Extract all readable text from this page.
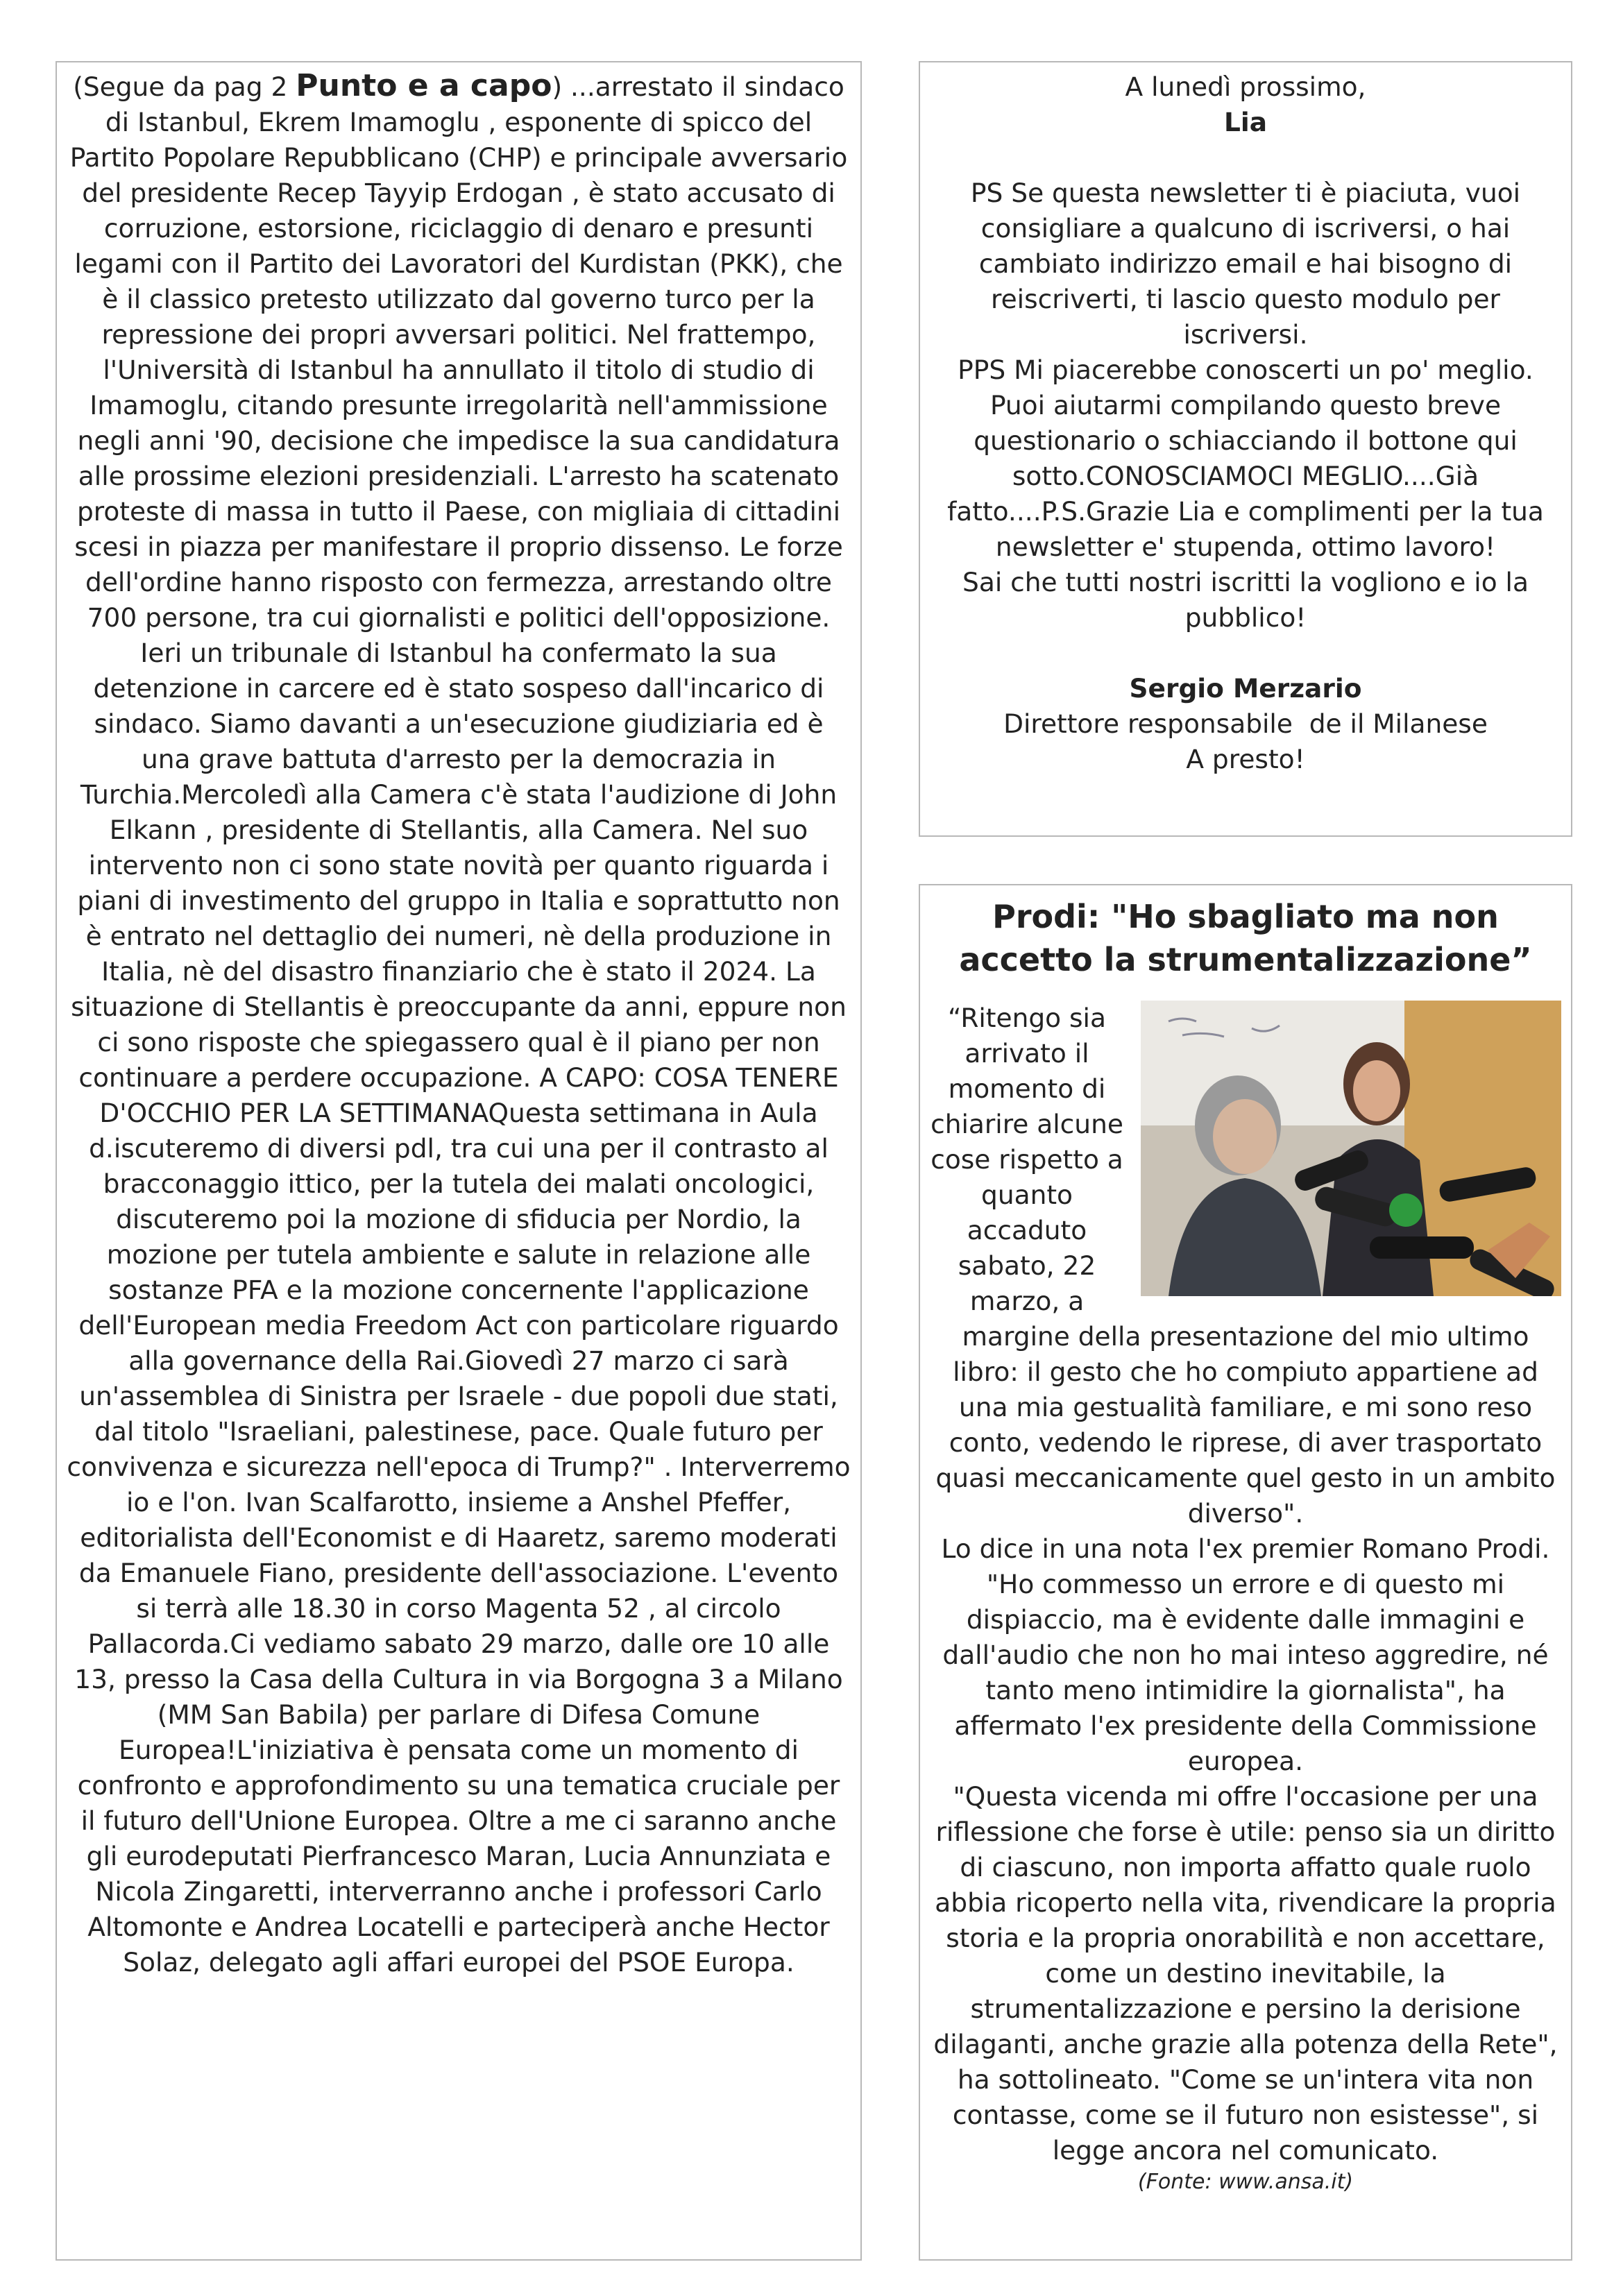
(Segue da pag 2 Punto e a capo) ...arrestato il sindaco di Istanbul, Ekrem Imamoglu , esponente di spicco del Partito Popolare Repubblicano (CHP) e principale avversario del presidente Recep Tayyip Erdogan , è stato accusato di corruzione, estorsione, riciclaggio di denaro e presunti legami con il Partito dei Lavoratori del Kurdistan (PKK), che è il classico pretesto utilizzato dal governo turco per la repressione dei propri avversari politici. Nel frattempo, l'Università di Istanbul ha annullato il titolo di studio di Imamoglu, citando presunte irregolarità nell'ammissione negli anni '90, decisione che impedisce la sua candidatura alle prossime elezioni presidenziali. L'arresto ha scatenato proteste di massa in tutto il Paese, con migliaia di cittadini scesi in piazza per manifestare il proprio dissenso. Le forze dell'ordine hanno risposto con fermezza, arrestando oltre 700 persone, tra cui giornalisti e politici dell'opposizione. Ieri un tribunale di Istanbul ha confermato la sua detenzione in carcere ed è stato sospeso dall'incarico di sindaco. Siamo davanti a un'esecuzione giudiziaria ed è una grave battuta d'arresto per la democrazia in Turchia.Mercoledì alla Camera c'è stata l'audizione di John Elkann , presidente di Stellantis, alla Camera. Nel suo intervento non ci sono state novità per quanto riguarda i piani di investimento del gruppo in Italia e soprattutto non è entrato nel dettaglio dei numeri, nè della produzione in Italia, nè del disastro finanziario che è stato il 2024. La situazione di Stellantis è preoccupante da anni, eppure non ci sono risposte che spiegassero qual è il piano per non continuare a perdere occupazione. A CAPO: COSA TENERE D'OCCHIO PER LA SETTIMANAQuesta settimana in Aula d.iscuteremo di diversi pdl, tra cui una per il contrasto al bracconaggio ittico, per la tutela dei malati oncologici, discuteremo poi la mozione di sfiducia per Nordio, la mozione per tutela ambiente e salute in relazione alle sostanze PFA e la mozione concernente l'applicazione dell'European media Freedom Act con particolare riguardo alla governance della Rai.Giovedì 27 marzo ci sarà un'assemblea di Sinistra per Israele - due popoli due stati, dal titolo "Israeliani, palestinese, pace. Quale futuro per convivenza e sicurezza nell'epoca di Trump?" . Interverremo io e l'on. Ivan Scalfarotto, insieme a Anshel Pfeffer, editorialista dell'Economist e di Haaretz, saremo moderati da Emanuele Fiano, presidente dell'associazione. L'evento si terrà alle 18.30 in corso Magenta 52 , al circolo Pallacorda.Ci vediamo sabato 29 marzo, dalle ore 10 alle 13, presso la Casa della Cultura in via Borgogna 3 a Milano (MM San Babila) per parlare di Difesa Comune Europea!L'iniziativa è pensata come un momento di confronto e approfondimento su una tematica cruciale per il futuro dell'Unione Europea. Oltre a me ci saranno anche gli eurodeputati Pierfrancesco Maran, Lucia Annunziata e Nicola Zingaretti, interverranno anche i professori Carlo Altomonte e Andrea Locatelli e parteciperà anche Hector Solaz, delegato agli affari europei del PSOE Europa.
A lunedì prossimo,
Lia
PS Se questa newsletter ti è piaciuta, vuoi consigliare a qualcuno di iscriversi, o hai cambiato indirizzo email e hai bisogno di reiscriverti, ti lascio questo modulo per iscriversi.
PPS Mi piacerebbe conoscerti un po' meglio. Puoi aiutarmi compilando questo breve questionario o schiacciando il bottone qui sotto.CONOSCIAMOCI MEGLIO....Già fatto....P.S.Grazie Lia e complimenti per la tua newsletter e' stupenda, ottimo lavoro!
Sai che tutti nostri iscritti la vogliono e io la pubblico!
Sergio Merzario
Direttore responsabile  de il Milanese
A presto!
Prodi: "Ho sbagliato ma non accetto la strumentalizzazione”
“Ritengo sia arrivato il momento di chiarire alcune cose rispetto a quanto accaduto sabato, 22 marzo, a margine della presentazione del mio ultimo libro: il gesto che ho compiuto appartiene ad una mia gestualità familiare, e mi sono reso conto, vedendo le riprese, di aver trasportato quasi meccanicamente quel gesto in un ambito diverso".
Lo dice in una nota l'ex premier Romano Prodi. "Ho commesso un errore e di questo mi dispiaccio, ma è evidente dalle immagini e dall'audio che non ho mai inteso aggredire, né tanto meno intimidire la giornalista", ha affermato l'ex presidente della Commissione europea.
"Questa vicenda mi offre l'occasione per una riflessione che forse è utile: penso sia un diritto di ciascuno, non importa affatto quale ruolo abbia ricoperto nella vita, rivendicare la propria storia e la propria onorabilità e non accettare, come un destino inevitabile, la strumentalizzazione e persino la derisione dilaganti, anche grazie alla potenza della Rete", ha sottolineato. "Come se un'intera vita non contasse, come se il futuro non esistesse", si legge ancora nel comunicato.
(Fonte: www.ansa.it)
